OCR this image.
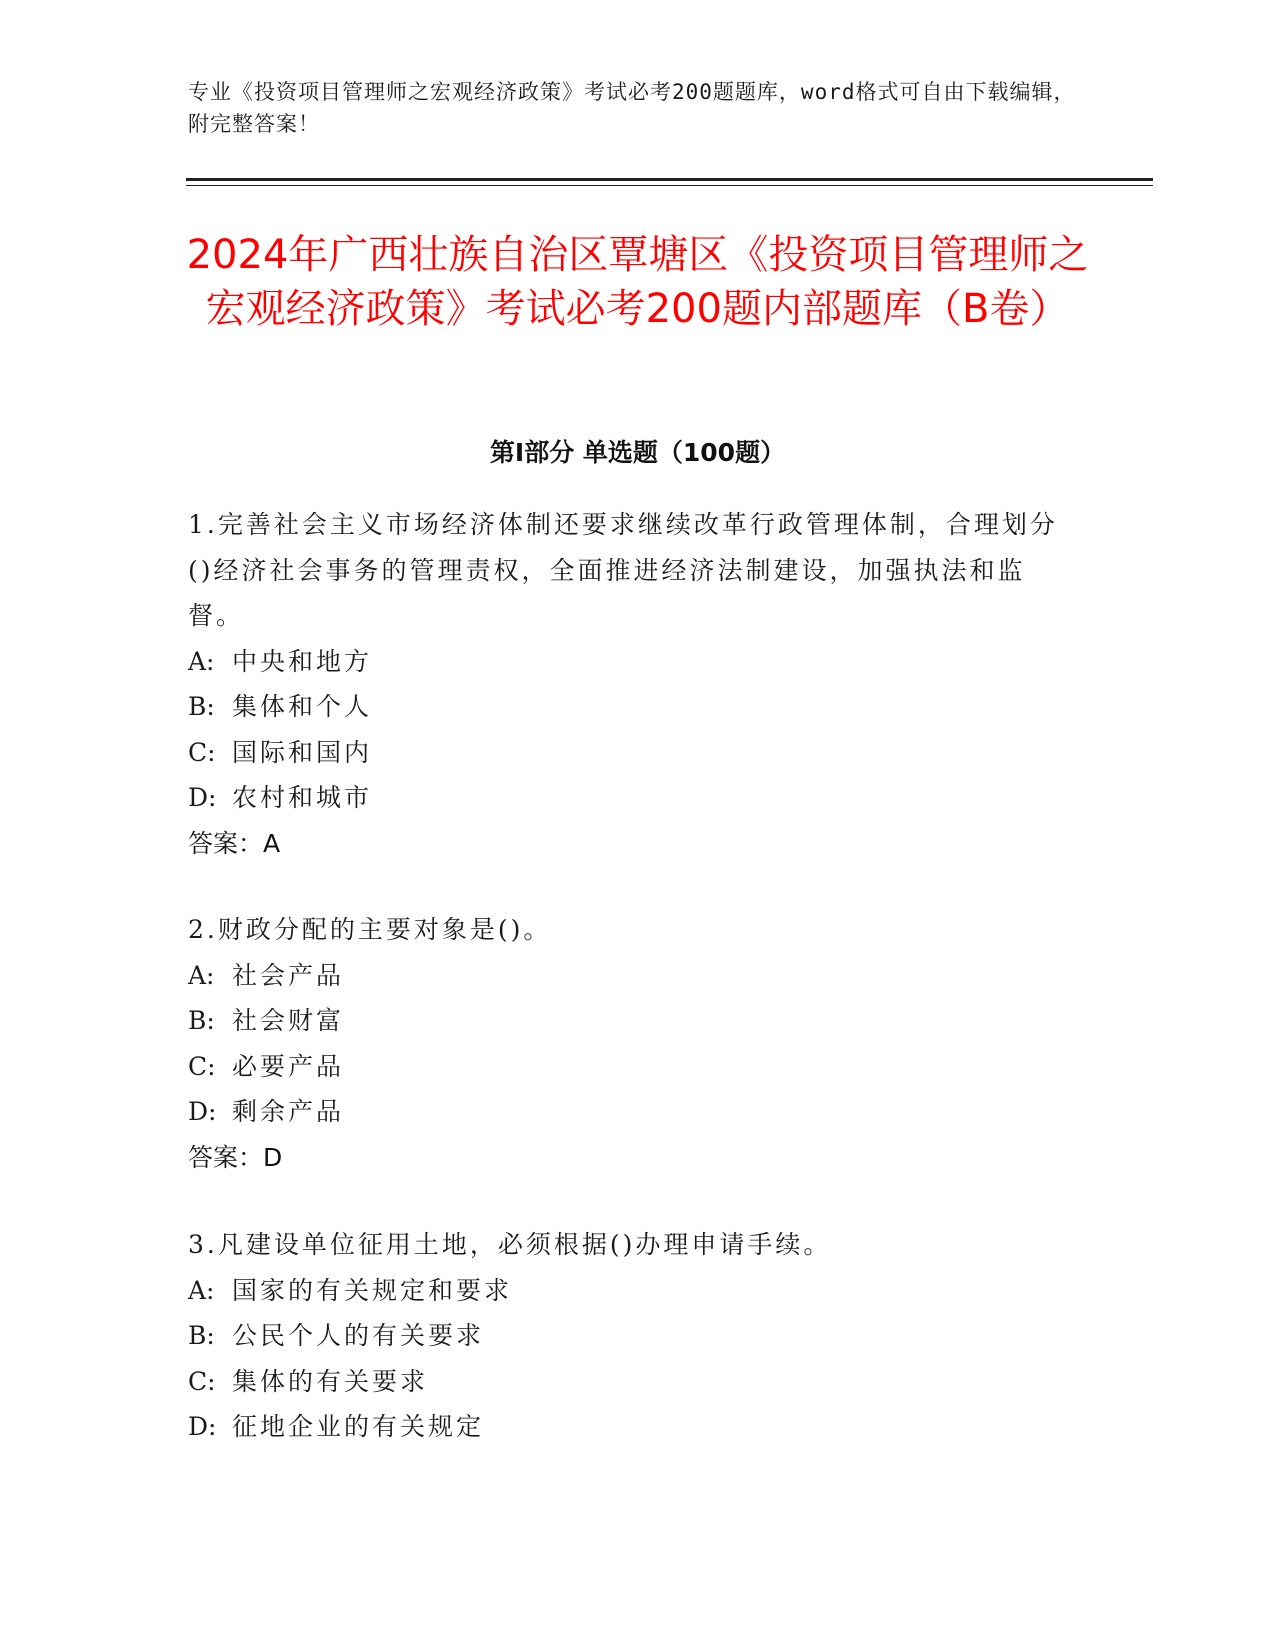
专业《投资项目管理师之宏观经济政策》考试必考200题题库，word格式可自由下载编辑，附完整答案！
2024年广西壮族自治区覃塘区《投资项目管理师之宏观经济政策》考试必考200题内部题库（B卷）
第I部分 单选题（100题）
1.完善社会主义市场经济体制还要求继续改革行政管理体制，合理划分()经济社会事务的管理责权，全面推进经济法制建设，加强执法和监督。
A: 中央和地方
B: 集体和个人
C: 国际和国内
D: 农村和城市
答案：A
2.财政分配的主要对象是()。
A: 社会产品
B: 社会财富
C: 必要产品
D: 剩余产品
答案：D
3.凡建设单位征用土地，必须根据()办理申请手续。
A: 国家的有关规定和要求
B: 公民个人的有关要求
C: 集体的有关要求
D: 征地企业的有关规定
